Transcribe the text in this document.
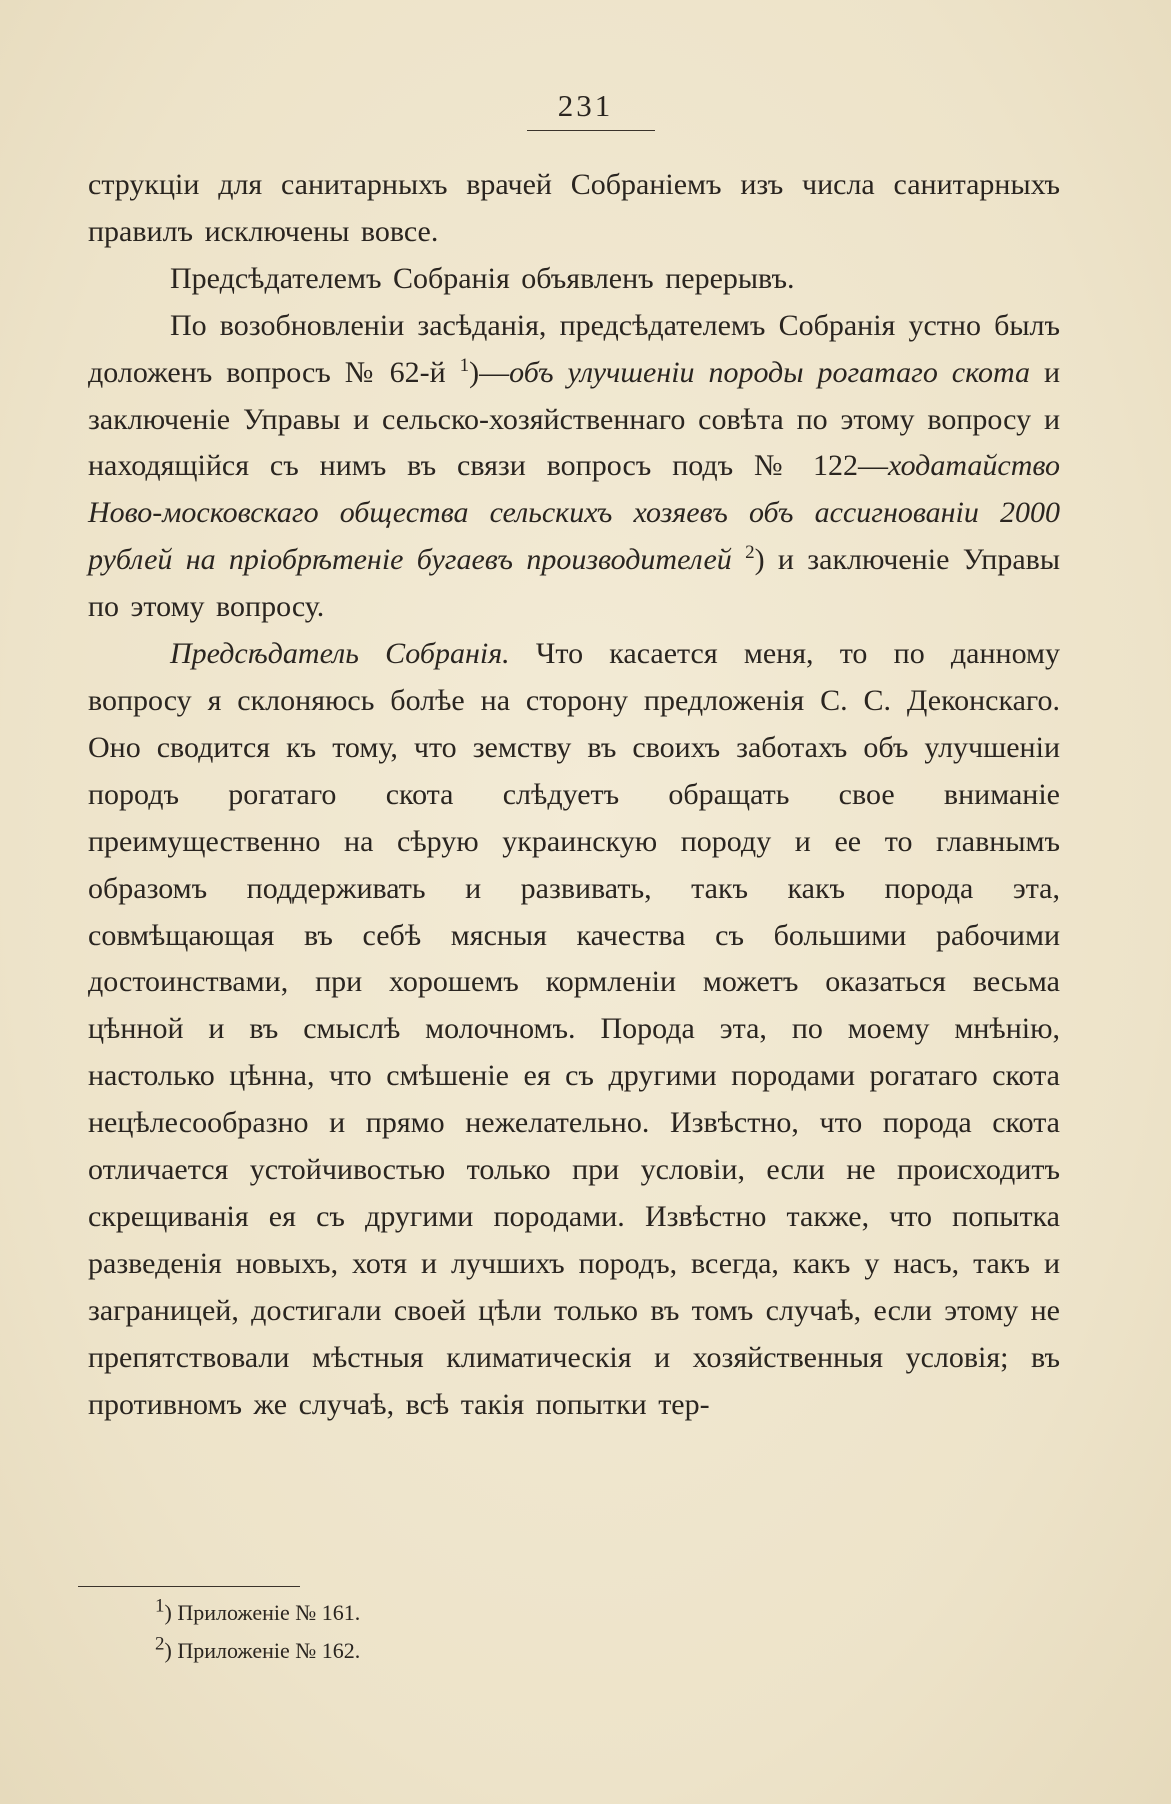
231

струкціи для санитарныхъ врачей Собраніемъ изъ числа санитарныхъ правилъ исключены вовсе.

Предсѣдателемъ Собранія объявленъ перерывъ.

По возобновленіи засѣданія, предсѣдателемъ Собранія устно былъ доложенъ вопросъ № 62-й $^1$)—объ улучшеніи породы рогатаго скота и заключеніе Управы и сельско-хозяйственнаго совѣта по этому вопросу и находящійся съ нимъ въ связи вопросъ подъ № 122—ходатайство Ново-московскаго общества сельскихъ хозяевъ объ ассигнованіи 2000 рублей на пріобрѣтеніе бугаевъ производителей $^2$) и заключеніе Управы по этому вопросу.

Предсѣдатель Собранія. Что касается меня, то по данному вопросу я склоняюсь болѣе на сторону предложенія С. С. Деконскаго. Оно сводится къ тому, что земству въ своихъ заботахъ объ улучшеніи породъ рогатаго скота слѣдуетъ обращать свое вниманіе преимущественно на сѣрую украинскую породу и ее то главнымъ образомъ поддерживать и развивать, такъ какъ порода эта, совмѣщающая въ себѣ мясныя качества съ большими рабочими достоинствами, при хорошемъ кормленіи можетъ оказаться весьма цѣнной и въ смыслѣ молочномъ. Порода эта, по моему мнѣнію, настолько цѣнна, что смѣшеніе ея съ другими породами рогатаго скота нецѣлесообразно и прямо нежелательно. Извѣстно, что порода скота отличается устойчивостью только при условіи, если не происходитъ скрещиванія ея съ другими породами. Извѣстно также, что попытка разведенія новыхъ, хотя и лучшихъ породъ, всегда, какъ у насъ, такъ и заграницей, достигали своей цѣли только въ томъ случаѣ, если этому не препятствовали мѣстныя климатическія и хозяйственныя условія; въ противномъ же случаѣ, всѣ такія попытки тер-

$^1$) Приложеніе № 161.
$^2$) Приложеніе № 162.
